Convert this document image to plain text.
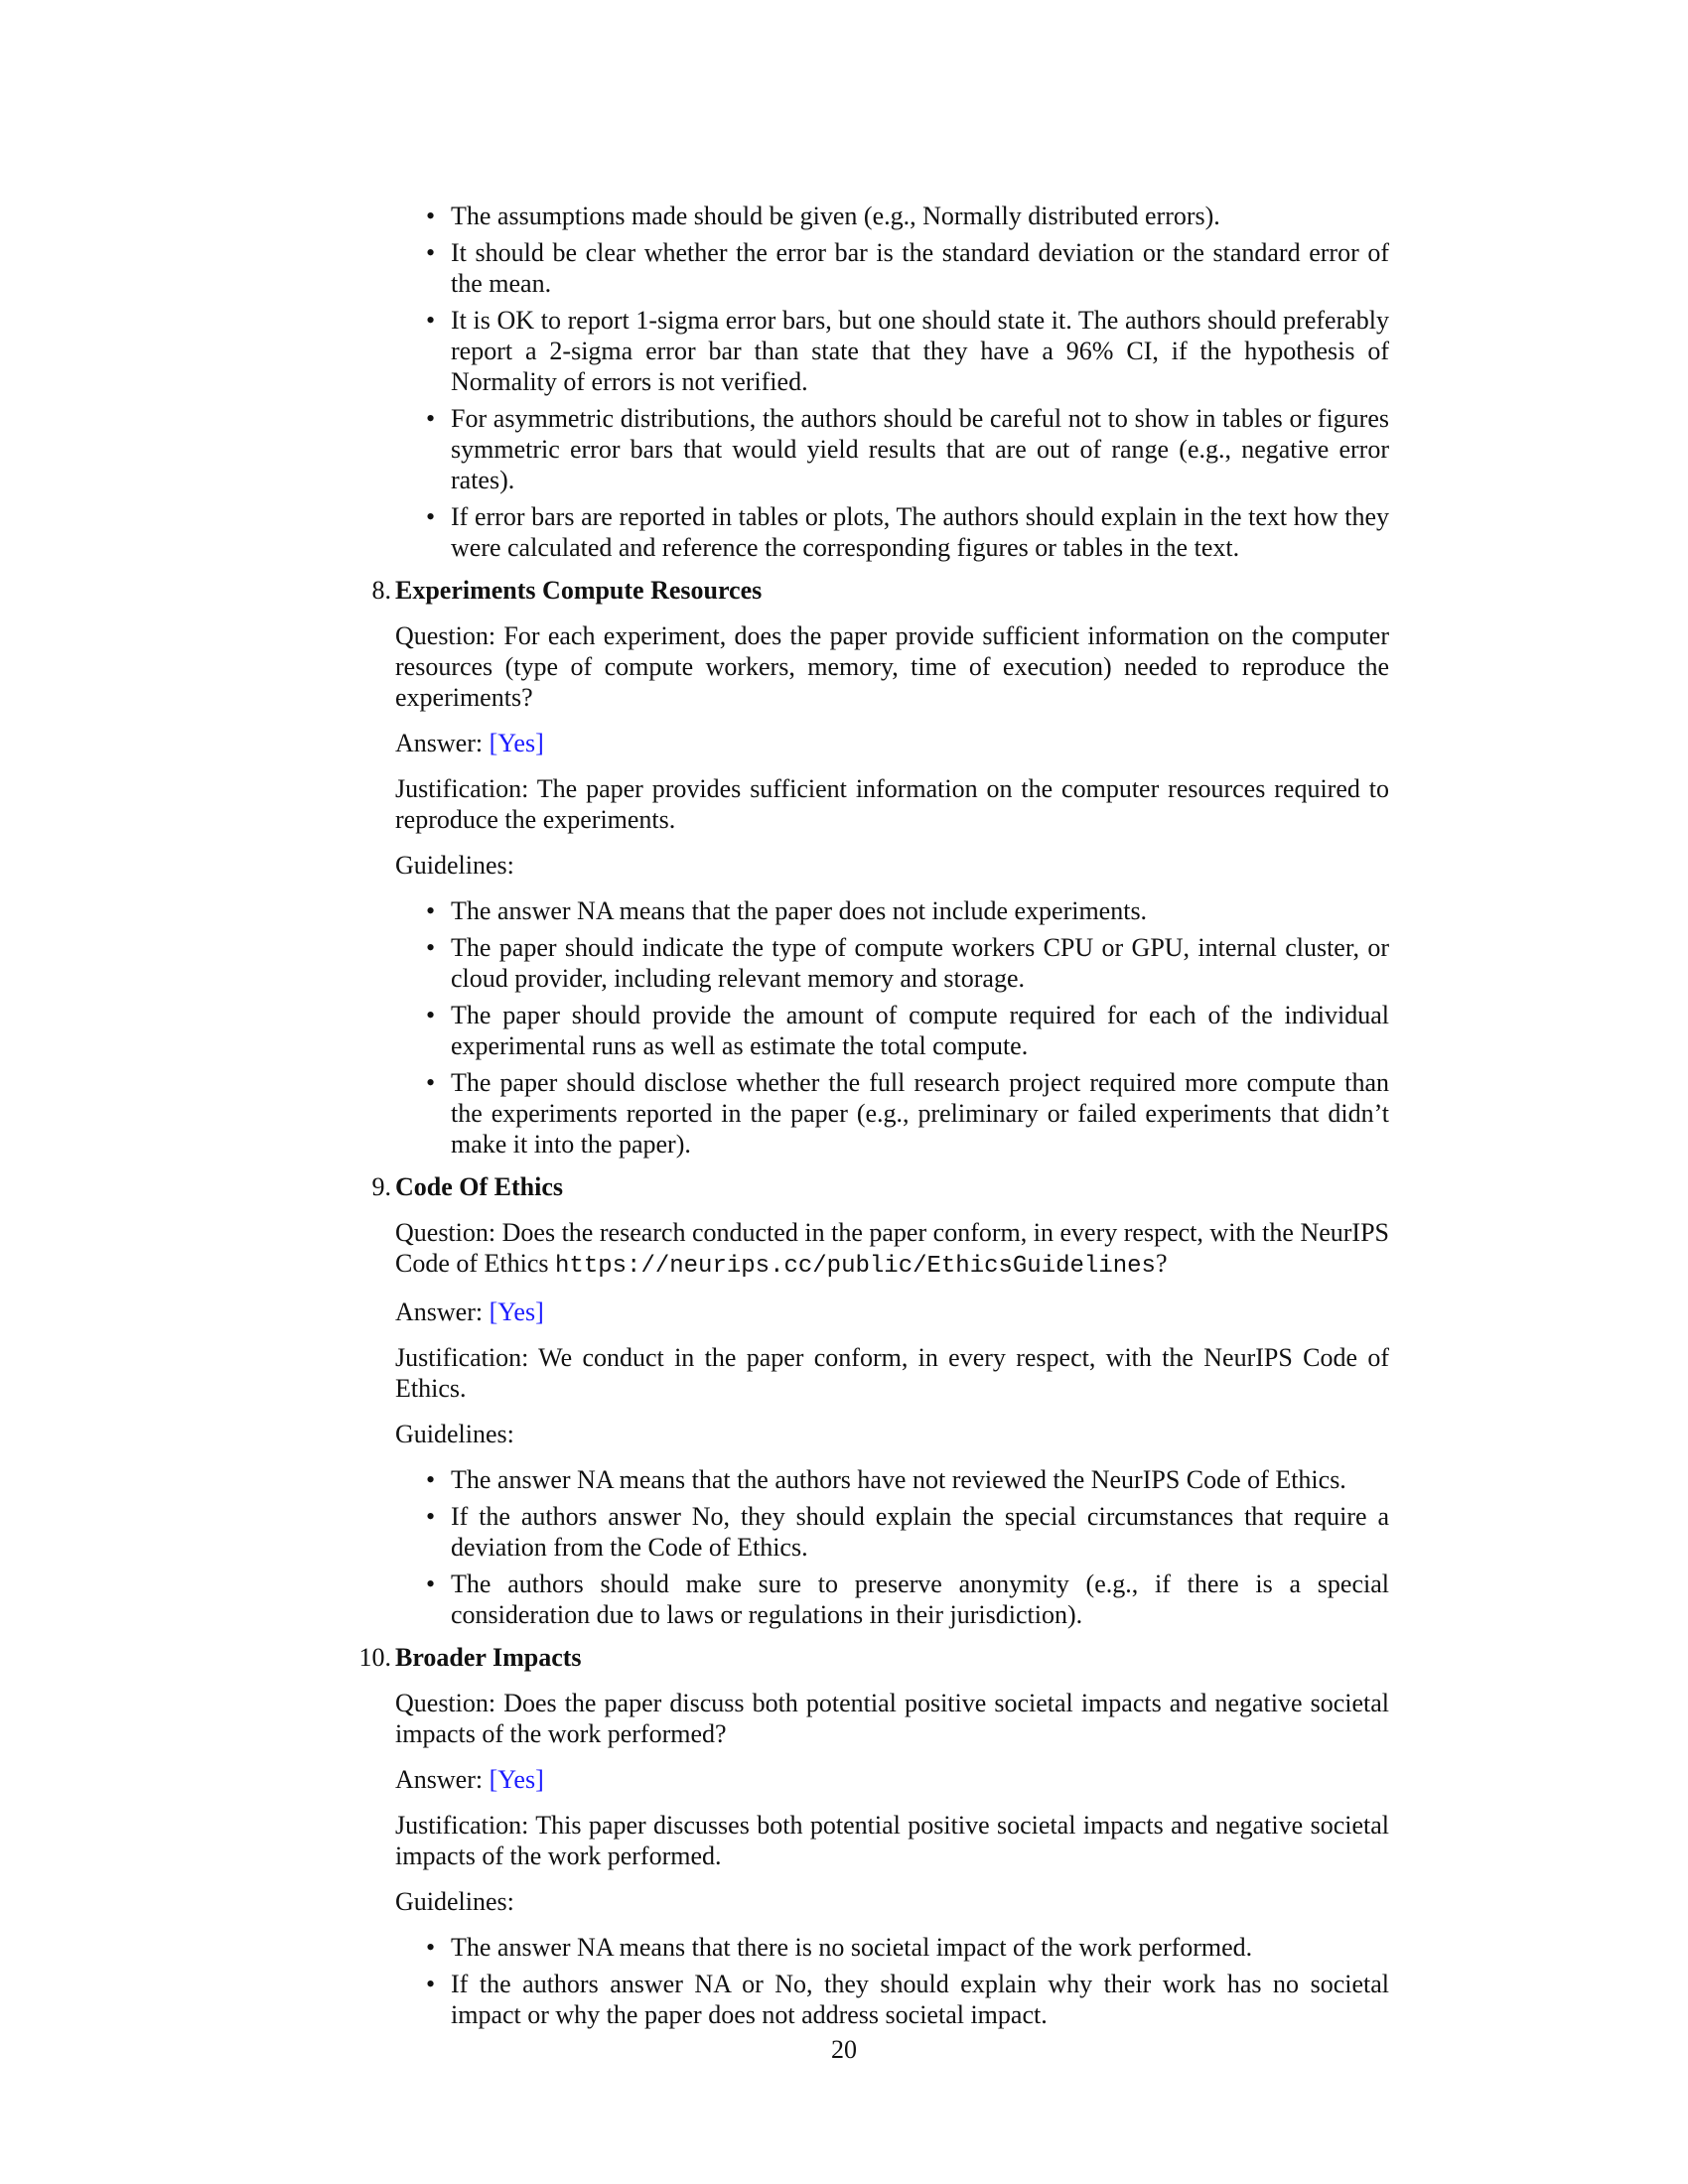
• The assumptions made should be given (e.g., Normally distributed errors).
• It should be clear whether the error bar is the standard deviation or the standard error of the mean.
• It is OK to report 1-sigma error bars, but one should state it. The authors should preferably report a 2-sigma error bar than state that they have a 96% CI, if the hypothesis of Normality of errors is not verified.
• For asymmetric distributions, the authors should be careful not to show in tables or figures symmetric error bars that would yield results that are out of range (e.g., negative error rates).
• If error bars are reported in tables or plots, The authors should explain in the text how they were calculated and reference the corresponding figures or tables in the text.
8. Experiments Compute Resources

Question: For each experiment, does the paper provide sufficient information on the computer resources (type of compute workers, memory, time of execution) needed to reproduce the experiments?

Answer: [Yes]

Justification: The paper provides sufficient information on the computer resources required to reproduce the experiments.

Guidelines:

• The answer NA means that the paper does not include experiments.
• The paper should indicate the type of compute workers CPU or GPU, internal cluster, or cloud provider, including relevant memory and storage.
• The paper should provide the amount of compute required for each of the individual experimental runs as well as estimate the total compute.
• The paper should disclose whether the full research project required more compute than the experiments reported in the paper (e.g., preliminary or failed experiments that didn’t make it into the paper).
9. Code Of Ethics

Question: Does the research conducted in the paper conform, in every respect, with the NeurIPS Code of Ethics https://neurips.cc/public/EthicsGuidelines?

Answer: [Yes]

Justification: We conduct in the paper conform, in every respect, with the NeurIPS Code of Ethics.

Guidelines:

• The answer NA means that the authors have not reviewed the NeurIPS Code of Ethics.
• If the authors answer No, they should explain the special circumstances that require a deviation from the Code of Ethics.
• The authors should make sure to preserve anonymity (e.g., if there is a special consideration due to laws or regulations in their jurisdiction).
10. Broader Impacts

Question: Does the paper discuss both potential positive societal impacts and negative societal impacts of the work performed?

Answer: [Yes]

Justification: This paper discusses both potential positive societal impacts and negative societal impacts of the work performed.

Guidelines:

• The answer NA means that there is no societal impact of the work performed.
• If the authors answer NA or No, they should explain why their work has no societal impact or why the paper does not address societal impact.
20
